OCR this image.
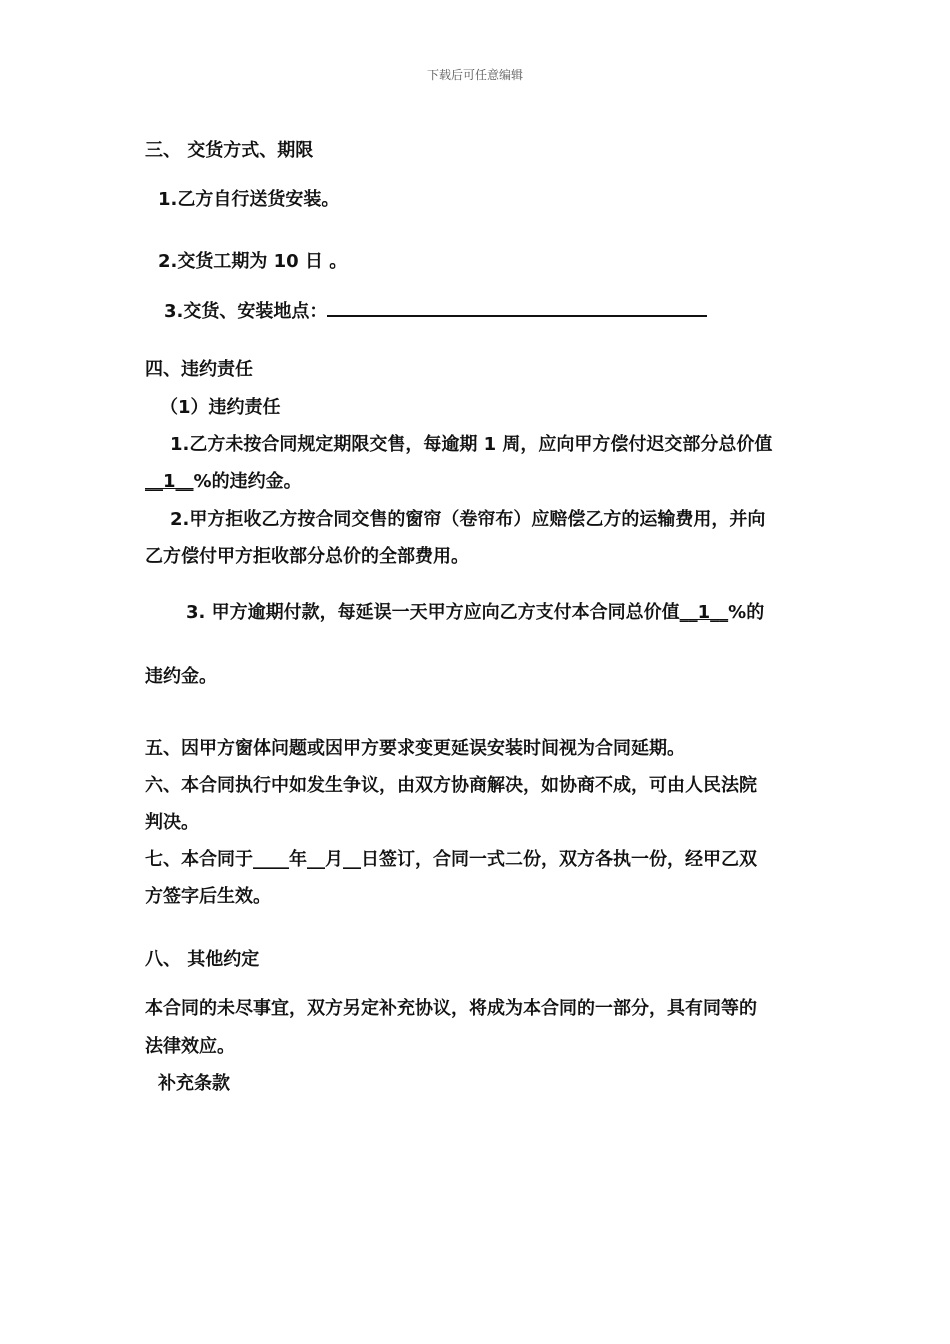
下载后可任意编辑
三、 交货方式、期限
1.乙方自行送货安装。
2.交货工期为 10 日 。
3.交货、安装地点：
四、违约责任
（1）违约责任
1.乙方未按合同规定期限交售，每逾期 1 周，应向甲方偿付迟交部分总价值
__1__%的违约金。
2.甲方拒收乙方按合同交售的窗帘（卷帘布）应赔偿乙方的运输费用，并向
乙方偿付甲方拒收部分总价的全部费用。
3. 甲方逾期付款，每延误一天甲方应向乙方支付本合同总价值__1__%的
违约金。
五、因甲方窗体问题或因甲方要求变更延误安装时间视为合同延期。
六、本合同执行中如发生争议，由双方协商解决，如协商不成，可由人民法院
判决。
七、本合同于____年__月__日签订，合同一式二份，双方各执一份，经甲乙双
方签字后生效。
八、 其他约定
本合同的未尽事宜，双方另定补充协议，将成为本合同的一部分，具有同等的
法律效应。
补充条款
